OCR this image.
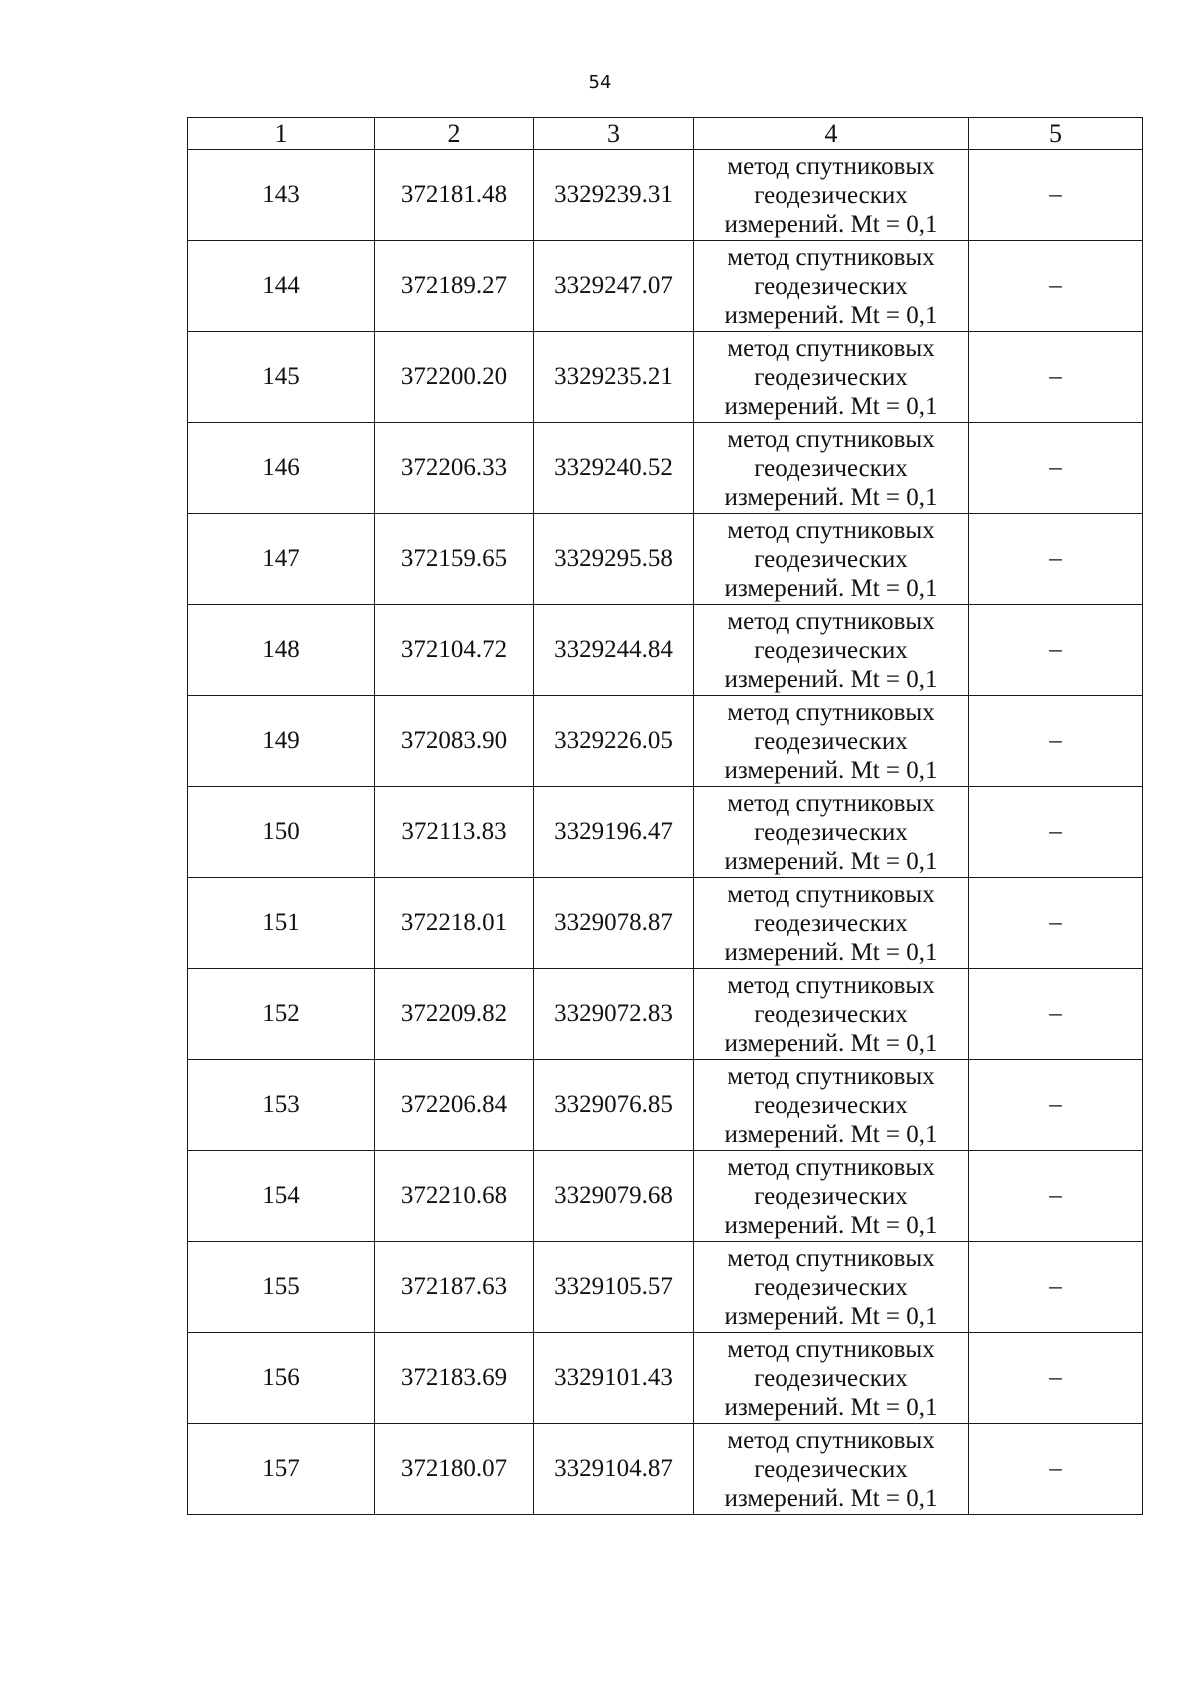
54
1	2	3	4	5
143	372181.48	3329239.31	метод спутниковых
геодезических
измерений. Mt = 0,1	–
144	372189.27	3329247.07	метод спутниковых
геодезических
измерений. Mt = 0,1	–
145	372200.20	3329235.21	метод спутниковых
геодезических
измерений. Mt = 0,1	–
146	372206.33	3329240.52	метод спутниковых
геодезических
измерений. Mt = 0,1	–
147	372159.65	3329295.58	метод спутниковых
геодезических
измерений. Mt = 0,1	–
148	372104.72	3329244.84	метод спутниковых
геодезических
измерений. Mt = 0,1	–
149	372083.90	3329226.05	метод спутниковых
геодезических
измерений. Mt = 0,1	–
150	372113.83	3329196.47	метод спутниковых
геодезических
измерений. Mt = 0,1	–
151	372218.01	3329078.87	метод спутниковых
геодезических
измерений. Mt = 0,1	–
152	372209.82	3329072.83	метод спутниковых
геодезических
измерений. Mt = 0,1	–
153	372206.84	3329076.85	метод спутниковых
геодезических
измерений. Mt = 0,1	–
154	372210.68	3329079.68	метод спутниковых
геодезических
измерений. Mt = 0,1	–
155	372187.63	3329105.57	метод спутниковых
геодезических
измерений. Mt = 0,1	–
156	372183.69	3329101.43	метод спутниковых
геодезических
измерений. Mt = 0,1	–
157	372180.07	3329104.87	метод спутниковых
геодезических
измерений. Mt = 0,1	–
